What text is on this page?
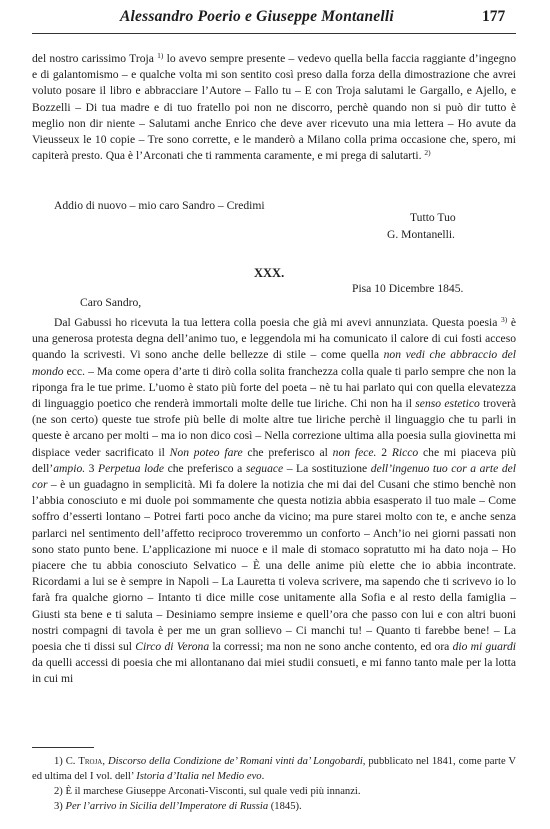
Alessandro Poerio e Giuseppe Montanelli	177
del nostro carissimo Troja $^{1)}$ lo avevo sempre presente – vedevo quella bella faccia raggiante d’ingegno e di galantomismo – e qualche volta mi son sentito così preso dalla forza della dimostrazione che avrei voluto posare il libro e abbracciare l’Autore – Fallo tu – E con Troja salutami le Gargallo, e Ajello, e Bozzelli – Di tua madre e di tuo fratello poi non ne discorro, perchè quando non si può dir tutto è meglio non dir niente – Salutami anche Enrico che deve aver ricevuto una mia lettera – Ho avute da Vieusseux le 10 copie – Tre sono corrette, e le manderò a Milano colla prima occasione che, spero, mi capiterà presto. Qua è l’Arconati che ti rammenta caramente, e mi prega di salutarti. $^{2)}$
Addio di nuovo – mio caro Sandro – Credimi
Tutto Tuo
G. Montanelli.
XXX.
Pisa 10 Dicembre 1845.
Caro Sandro,
Dal Gabussi ho ricevuta la tua lettera colla poesia che già mi avevi annunziata. Questa poesia $^{3)}$ è una generosa protesta degna dell’animo tuo, e leggendola mi ha comunicato il calore di cui fosti acceso quando la scrivesti. Vi sono anche delle bellezze di stile – come quella non vedi che abbraccio del mondo ecc. – Ma come opera d’arte ti dirò colla solita franchezza colla quale ti parlo sempre che non la riponga fra le tue prime. L’uomo è stato più forte del poeta – nè tu hai parlato qui con quella elevatezza di linguaggio poetico che renderà immortali molte delle tue liriche. Chi non ha il senso estetico troverà (ne son certo) queste tue strofe più belle di molte altre tue liriche perchè il linguaggio che tu parli in queste è arcano per molti – ma io non dico così – Nella correzione ultima alla poesia sulla giovinetta mi dispiace veder sacrificato il Non poteo fare che preferisco al non fece. 2 Ricco che mi piaceva più dell’ampio. 3 Perpetua lode che preferisco a seguace – La sostituzione dell’ingenuo tuo cor a arte del cor – è un guadagno in semplicità. Mi fa dolere la notizia che mi dai del Cusani che stimo benchè non l’abbia conosciuto e mi duole poi sommamente che questa notizia abbia esasperato il tuo male – Come soffro d’esserti lontano – Potrei farti poco anche da vicino; ma pure starei molto con te, e anche senza parlarci nel sentimento dell’affetto reciproco troveremmo un conforto – Anch’io nei giorni passati non sono stato punto bene. L’applicazione mi nuoce e il male di stomaco sopratutto mi ha dato noja – Ho piacere che tu abbia conosciuto Selvatico – È una delle anime più elette che io abbia incontrate. Ricordami a lui se è sempre in Napoli – La Lauretta ti voleva scrivere, ma sapendo che ti scrivevo io lo farà fra qualche giorno – Intanto ti dice mille cose unitamente alla Sofia e al resto della famiglia – Giusti sta bene e ti saluta – Desiniamo sempre insieme e quell’ora che passo con lui e con altri buoni nostri compagni di tavola è per me un gran sollievo – Ci manchi tu! – Quanto ti farebbe bene! – La poesia che ti dissi sul Circo di Verona la corressi; ma non ne sono anche contento, ed ora dio mi guardi da quelli accessi di poesia che mi allontanano dai miei studii consueti, e mi fanno tanto male per la lotta in cui mi
1) C. Troja, Discorso della Condizione de’ Romani vinti da’ Longobardi, pubblicato nel 1841, come parte V ed ultima del I vol. dell’ Istoria d’Italia nel Medio evo.
2) È il marchese Giuseppe Arconati-Visconti, sul quale vedi più innanzi.
3) Per l’arrivo in Sicilia dell’Imperatore di Russia (1845).
